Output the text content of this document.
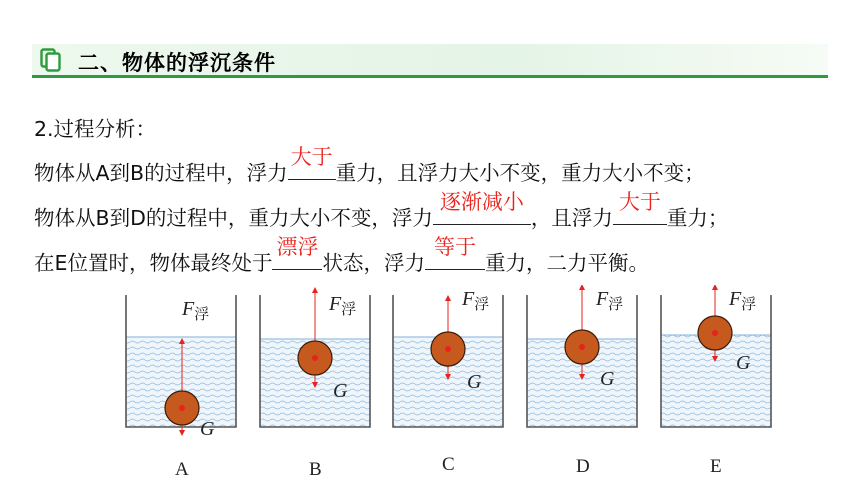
二、物体的浮沉条件
2.过程分析：
物体从A到B的过程中，浮力
大于
重力，且浮力大小不变，重力大小不变；
物体从B到D的过程中，重力大小不变，浮力
逐渐减小
，且浮力
大于
重力；
在E位置时，物体最终处于
漂浮
状态，浮力
等于
重力，二力平衡。
$F_浮$
G
A
$F_浮$
G
B
$F_浮$
G
C
$F_浮$
G
D
$F_浮$
G
E
